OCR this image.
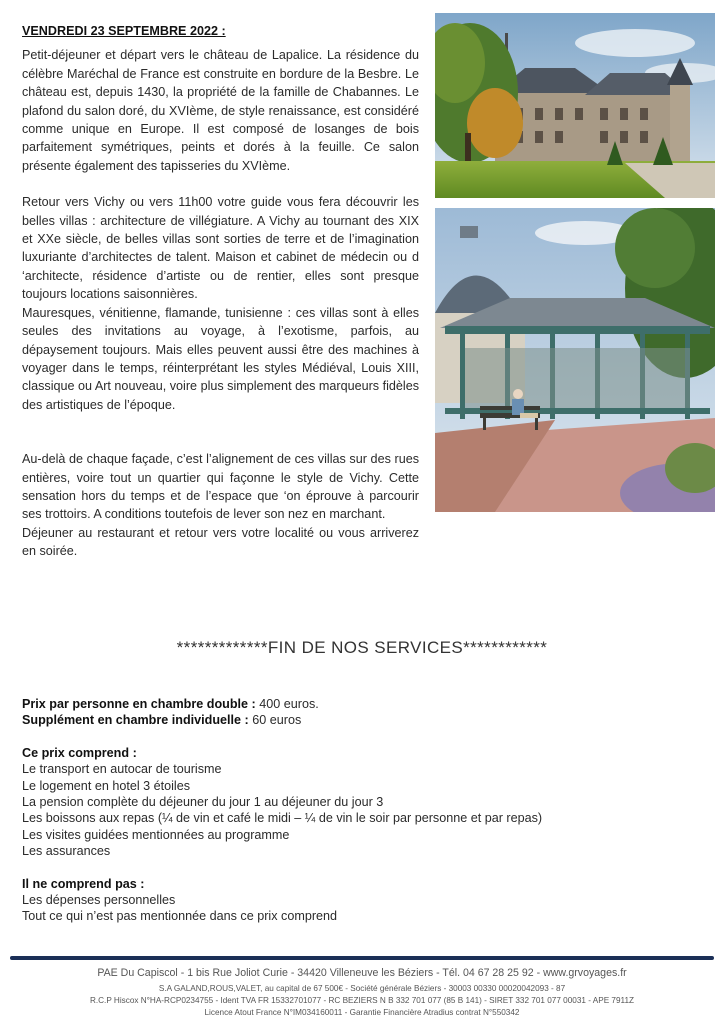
VENDREDI 23 SEPTEMBRE 2022 :

Petit-déjeuner et départ vers le château de Lapalice. La résidence du célèbre Maréchal de France est construite en bordure de la Besbre. Le château est, depuis 1430, la propriété de la famille de Chabannes. Le plafond du salon doré, du XVIème, de style renaissance, est considéré comme unique en Europe. Il est composé de losanges de bois parfaitement symétriques, peints et dorés à la feuille. Ce salon présente également des tapisseries du XVIème.

Retour vers Vichy ou vers 11h00 votre guide vous fera découvrir les belles villas : architecture de villégiature. A Vichy au tournant des XIX et XXe siècle, de belles villas sont sorties de terre et de l’imagination luxuriante d’architectes de talent. Maison et cabinet de médecin ou d ‘architecte, résidence d’artiste ou de rentier, elles sont presque toujours locations saisonnières.

Mauresques, vénitienne, flamande, tunisienne : ces villas sont à elles seules des invitations au voyage, à l’exotisme, parfois, au dépaysement toujours. Mais elles peuvent aussi être des machines à voyager dans le temps, réinterprétant les styles Médiéval, Louis XIII, classique ou Art nouveau, voire plus simplement des marqueurs fidèles des artistiques de l’époque.

Au-delà de chaque façade, c’est l’alignement de ces villas sur des rues entières, voire tout un quartier qui façonne le style de Vichy. Cette sensation hors du temps et de l’espace que ‘on éprouve à parcourir ses trottoirs. A conditions toutefois de lever son nez en marchant.

Déjeuner au restaurant et retour vers votre localité ou vous arriverez en soirée.

*************FIN DE NOS SERVICES************
Prix par personne en chambre double : 400 euros.
Supplément en chambre individuelle : 60 euros
Ce prix comprend :
Le transport en autocar de tourisme
Le logement en hotel 3 étoiles
La pension complète du déjeuner du jour 1 au déjeuner du jour 3
Les boissons aux repas (¼ de vin et café le midi – ¼ de vin le soir par personne et par repas)
Les visites guidées mentionnées au programme
Les assurances
Il ne comprend pas :
Les dépenses personnelles
Tout ce qui n’est pas mentionnée dans ce prix comprend
PAE Du Capiscol - 1 bis Rue Joliot Curie - 34420 Villeneuve les Béziers - Tél. 04 67 28 25 92 - www.grvoyages.fr
S.A GALAND,ROUS,VALET, au capital de 67 500€ - Société générale Béziers - 30003 00330 00020042093 - 87
R.C.P Hiscox N°HA-RCP0234755 - Ident TVA FR 15332701077 - RC BEZIERS N B 332 701 077 (85 B 141) - SIRET 332 701 077 00031 - APE 7911Z
Licence Atout France N°IM034160011 - Garantie Financière Atradius contrat N°550342
